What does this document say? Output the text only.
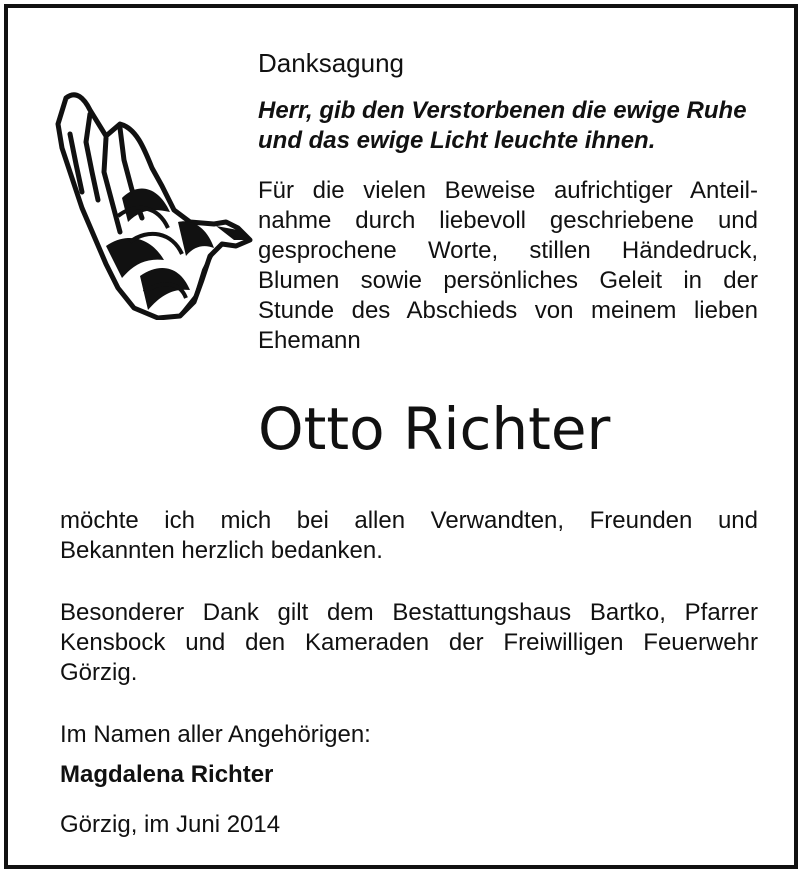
Danksagung
Herr, gib den Verstorbenen die ewige Ruhe
und das ewige Licht leuchte ihnen.
Für die vielen Beweise aufrichtiger Anteil-
nahme durch liebevoll geschriebene und
gesprochene Worte, stillen Händedruck,
Blumen sowie persönliches Geleit in der
Stunde des Abschieds von meinem lieben
Ehemann
Otto Richter
möchte ich mich bei allen Verwandten, Freunden und
Bekannten herzlich bedanken.
Besonderer Dank gilt dem Bestattungshaus Bartko, Pfarrer
Kensbock und den Kameraden der Freiwilligen Feuerwehr
Görzig.
Im Namen aller Angehörigen:
Magdalena Richter
Görzig, im Juni 2014
